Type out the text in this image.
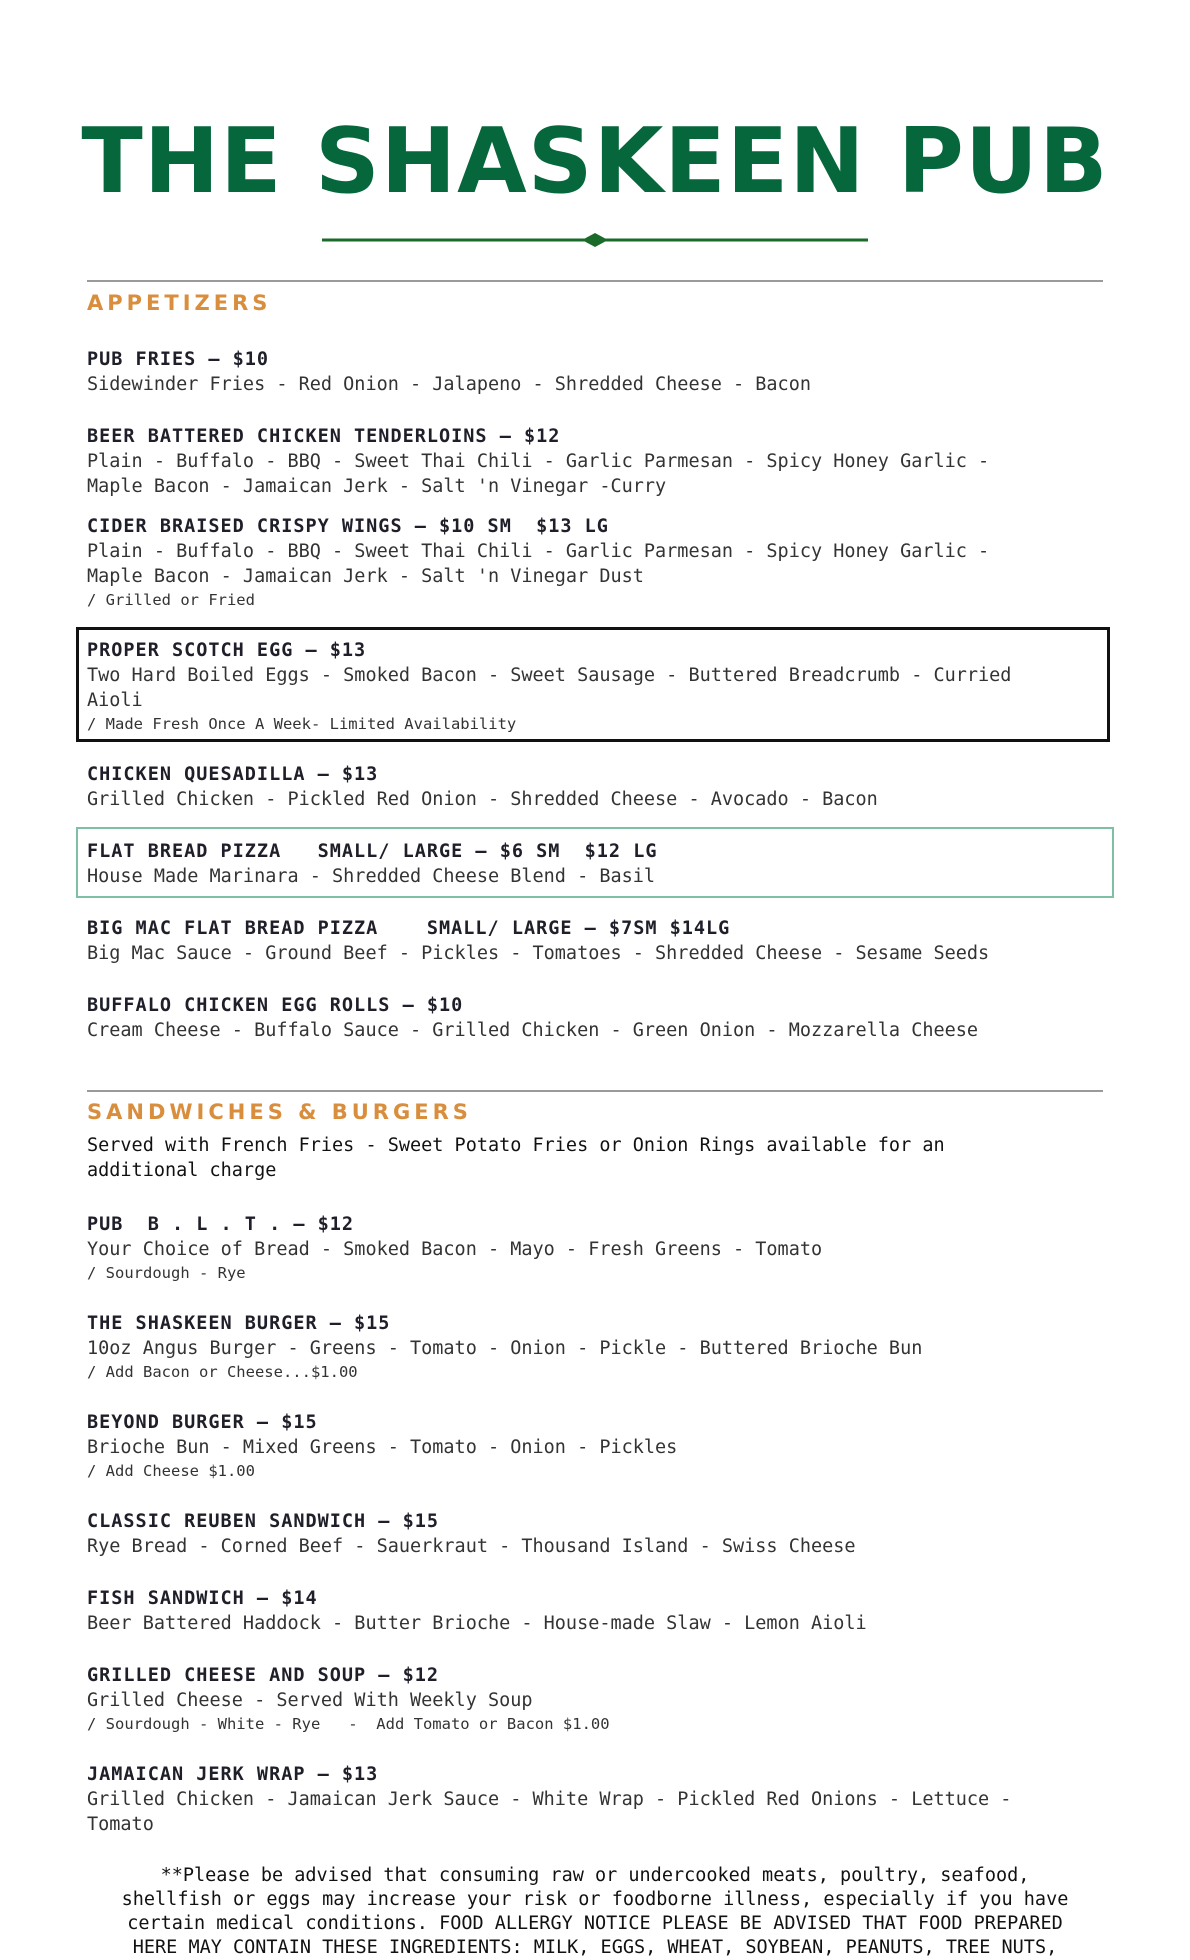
THE SHASKEEN PUB
APPETIZERS
PUB FRIES – $10
Sidewinder Fries - Red Onion - Jalapeno - Shredded Cheese - Bacon
BEER BATTERED CHICKEN TENDERLOINS – $12
Plain - Buffalo - BBQ - Sweet Thai Chili - Garlic Parmesan - Spicy Honey Garlic -
Maple Bacon - Jamaican Jerk - Salt 'n Vinegar -Curry
CIDER BRAISED CRISPY WINGS – $10 SM  $13 LG
Plain - Buffalo - BBQ - Sweet Thai Chili - Garlic Parmesan - Spicy Honey Garlic -
Maple Bacon - Jamaican Jerk - Salt 'n Vinegar Dust
/ Grilled or Fried
PROPER SCOTCH EGG – $13
Two Hard Boiled Eggs - Smoked Bacon - Sweet Sausage - Buttered Breadcrumb - Curried
Aioli
/ Made Fresh Once A Week- Limited Availability
CHICKEN QUESADILLA – $13
Grilled Chicken - Pickled Red Onion - Shredded Cheese - Avocado - Bacon
FLAT BREAD PIZZA   SMALL/ LARGE – $6 SM  $12 LG
House Made Marinara - Shredded Cheese Blend - Basil
BIG MAC FLAT BREAD PIZZA    SMALL/ LARGE – $7SM $14LG
Big Mac Sauce - Ground Beef - Pickles - Tomatoes - Shredded Cheese - Sesame Seeds
BUFFALO CHICKEN EGG ROLLS – $10
Cream Cheese - Buffalo Sauce - Grilled Chicken - Green Onion - Mozzarella Cheese
SANDWICHES & BURGERS
Served with French Fries - Sweet Potato Fries or Onion Rings available for an
additional charge
PUB  B . L . T . – $12
Your Choice of Bread - Smoked Bacon - Mayo - Fresh Greens - Tomato
/ Sourdough - Rye
THE SHASKEEN BURGER – $15
10oz Angus Burger - Greens - Tomato - Onion - Pickle - Buttered Brioche Bun
/ Add Bacon or Cheese...$1.00
BEYOND BURGER – $15
Brioche Bun - Mixed Greens - Tomato - Onion - Pickles
/ Add Cheese $1.00
CLASSIC REUBEN SANDWICH – $15
Rye Bread - Corned Beef - Sauerkraut - Thousand Island - Swiss Cheese
FISH SANDWICH – $14
Beer Battered Haddock - Butter Brioche - House-made Slaw - Lemon Aioli
GRILLED CHEESE AND SOUP – $12
Grilled Cheese - Served With Weekly Soup
/ Sourdough - White - Rye   -  Add Tomato or Bacon $1.00
JAMAICAN JERK WRAP – $13
Grilled Chicken - Jamaican Jerk Sauce - White Wrap - Pickled Red Onions - Lettuce -
Tomato
**Please be advised that consuming raw or undercooked meats, poultry, seafood,
shellfish or eggs may increase your risk or foodborne illness, especially if you have
certain medical conditions. FOOD ALLERGY NOTICE PLEASE BE ADVISED THAT FOOD PREPARED
HERE MAY CONTAIN THESE INGREDIENTS: MILK, EGGS, WHEAT, SOYBEAN, PEANUTS, TREE NUTS,
